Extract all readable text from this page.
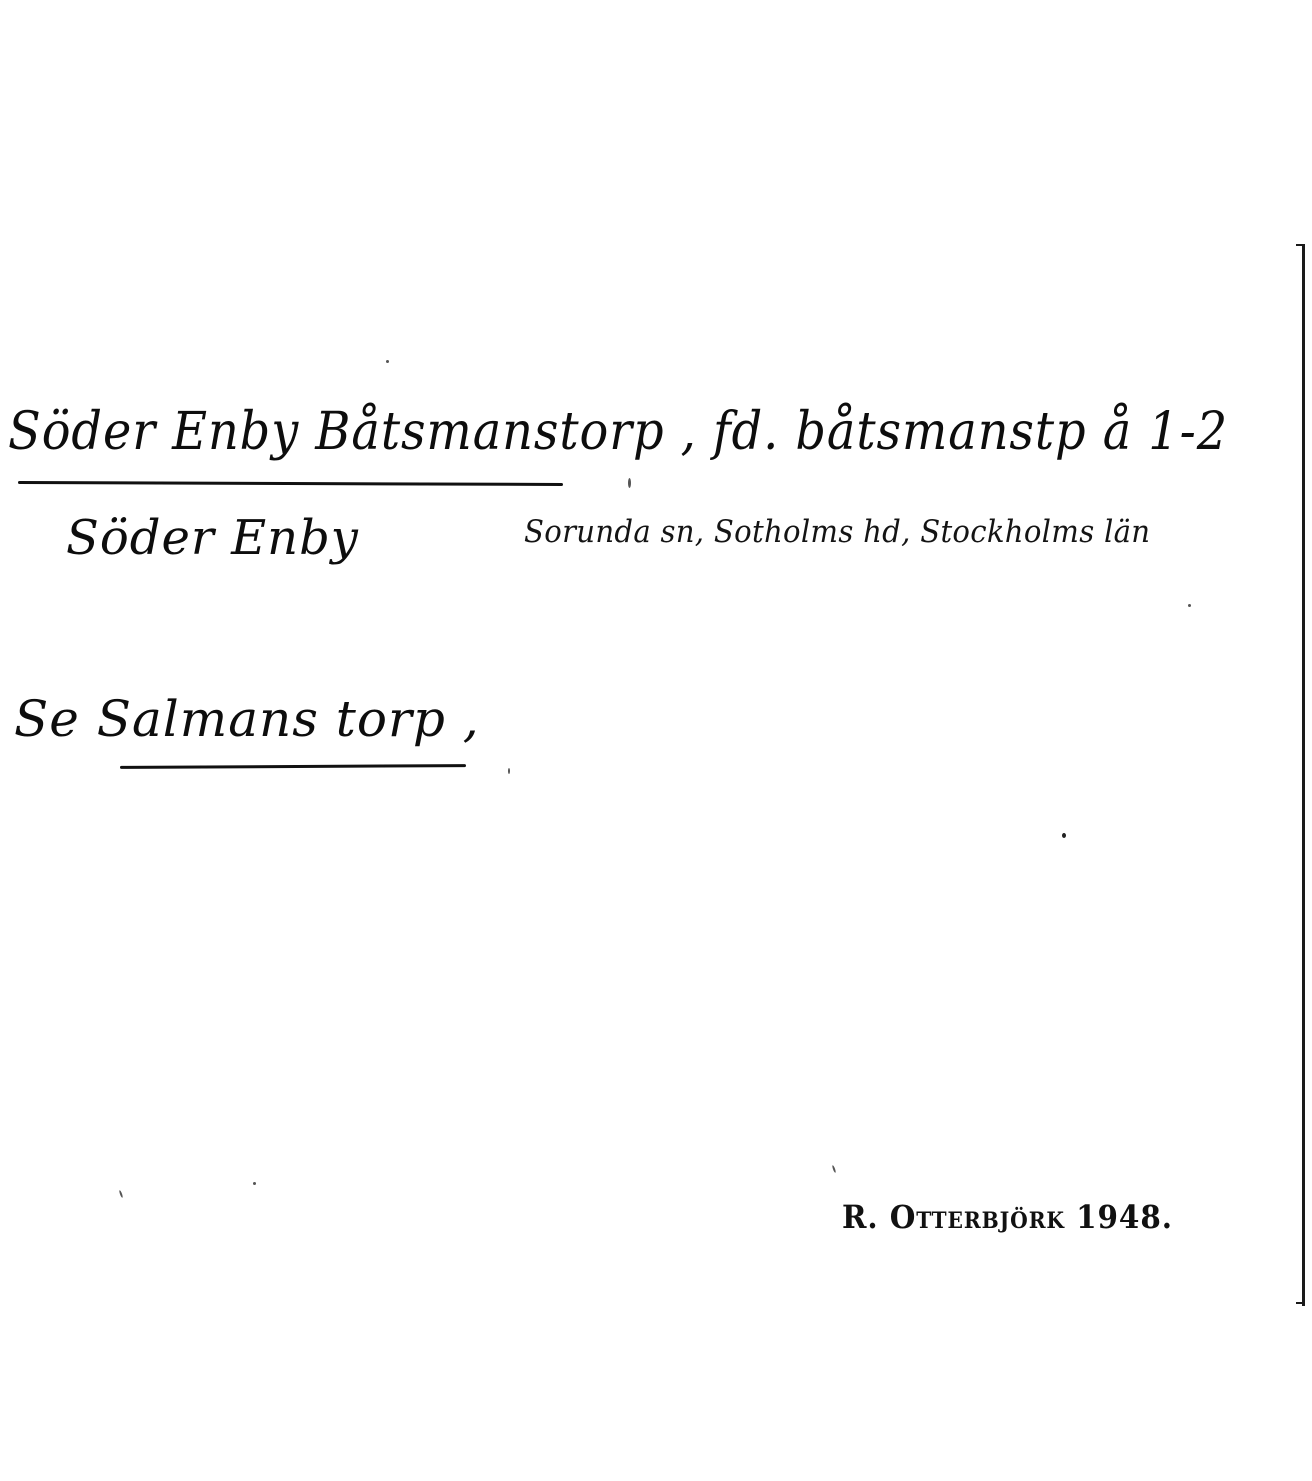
Söder Enby Båtsmanstorp , fd. båtsmanstp å 1-2
Söder Enby	Sorunda sn, Sotholms hd, Stockholms län
Se Salmans torp ,
R. Otterbjörk 1948.
